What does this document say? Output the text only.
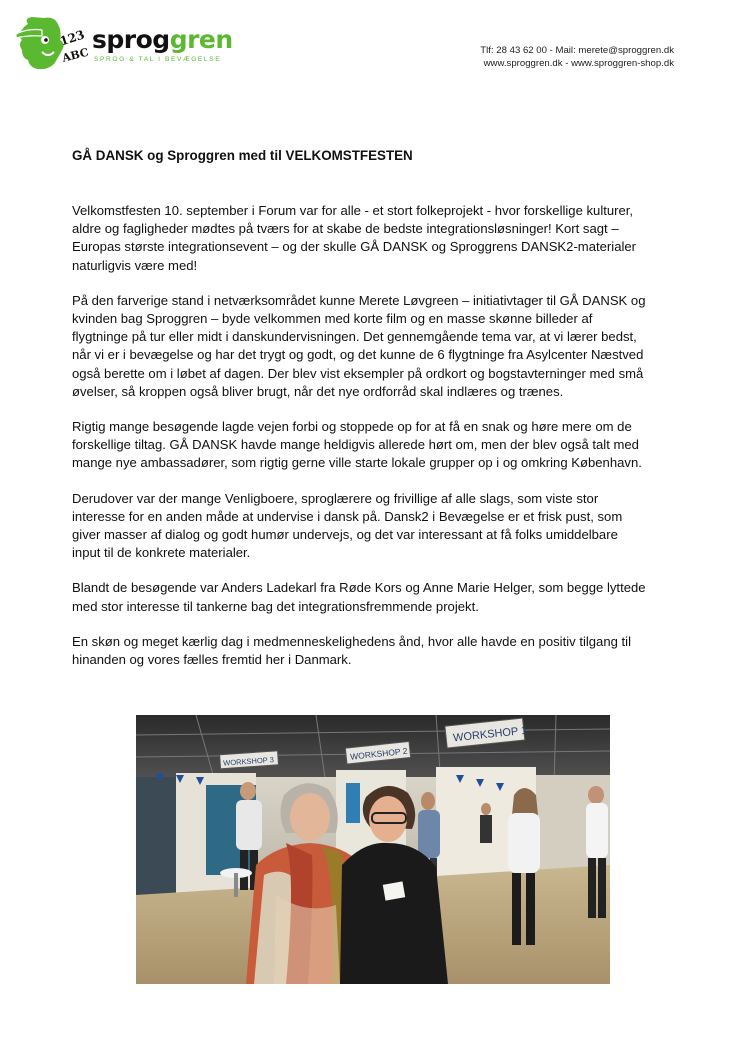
123
ABC
sproggren
SPROG & TAL I BEVÆGELSE
Tlf: 28 43 62 00 - Mail: merete@sproggren.dk
www.sproggren.dk - www.sproggren-shop.dk
GÅ DANSK og Sproggren med til VELKOMSTFESTEN

Velkomstfesten 10. september i Forum var for alle - et stort folkeprojekt - hvor forskellige kulturer,
aldre og fagligheder mødtes på tværs for at skabe de bedste integrationsløsninger! Kort sagt –
Europas største integrationsevent – og der skulle GÅ DANSK og Sproggrens DANSK2-materialer
naturligvis være med!

På den farverige stand i netværksområdet kunne Merete Løvgreen – initiativtager til GÅ DANSK og
kvinden bag Sproggren – byde velkommen med korte film og en masse skønne billeder af
flygtninge på tur eller midt i danskundervisningen. Det gennemgående tema var, at vi lærer bedst,
når vi er i bevægelse og har det trygt og godt, og det kunne de 6 flygtninge fra Asylcenter Næstved
også berette om i løbet af dagen. Der blev vist eksempler på ordkort og bogstavterninger med små
øvelser, så kroppen også bliver brugt, når det nye ordforråd skal indlæres og trænes.

Rigtig mange besøgende lagde vejen forbi og stoppede op for at få en snak og høre mere om de
forskellige tiltag. GÅ DANSK havde mange heldigvis allerede hørt om, men der blev også talt med
mange nye ambassadører, som rigtig gerne ville starte lokale grupper op i og omkring København.

Derudover var der mange Venligboere, sproglærere og frivillige af alle slags, som viste stor
interesse for en anden måde at undervise i dansk på. Dansk2 i Bevægelse er et frisk pust, som
giver masser af dialog og godt humør undervejs, og det var interessant at få folks umiddelbare
input til de konkrete materialer.

Blandt de besøgende var Anders Ladekarl fra Røde Kors og Anne Marie Helger, som begge lyttede
med stor interesse til tankerne bag det integrationsfremmende projekt.

En skøn og meget kærlig dag i medmenneskelighedens ånd, hvor alle havde en positiv tilgang til
hinanden og vores fælles fremtid her i Danmark.

WORKSHOP 1
WORKSHOP 2
WORKSHOP 3
